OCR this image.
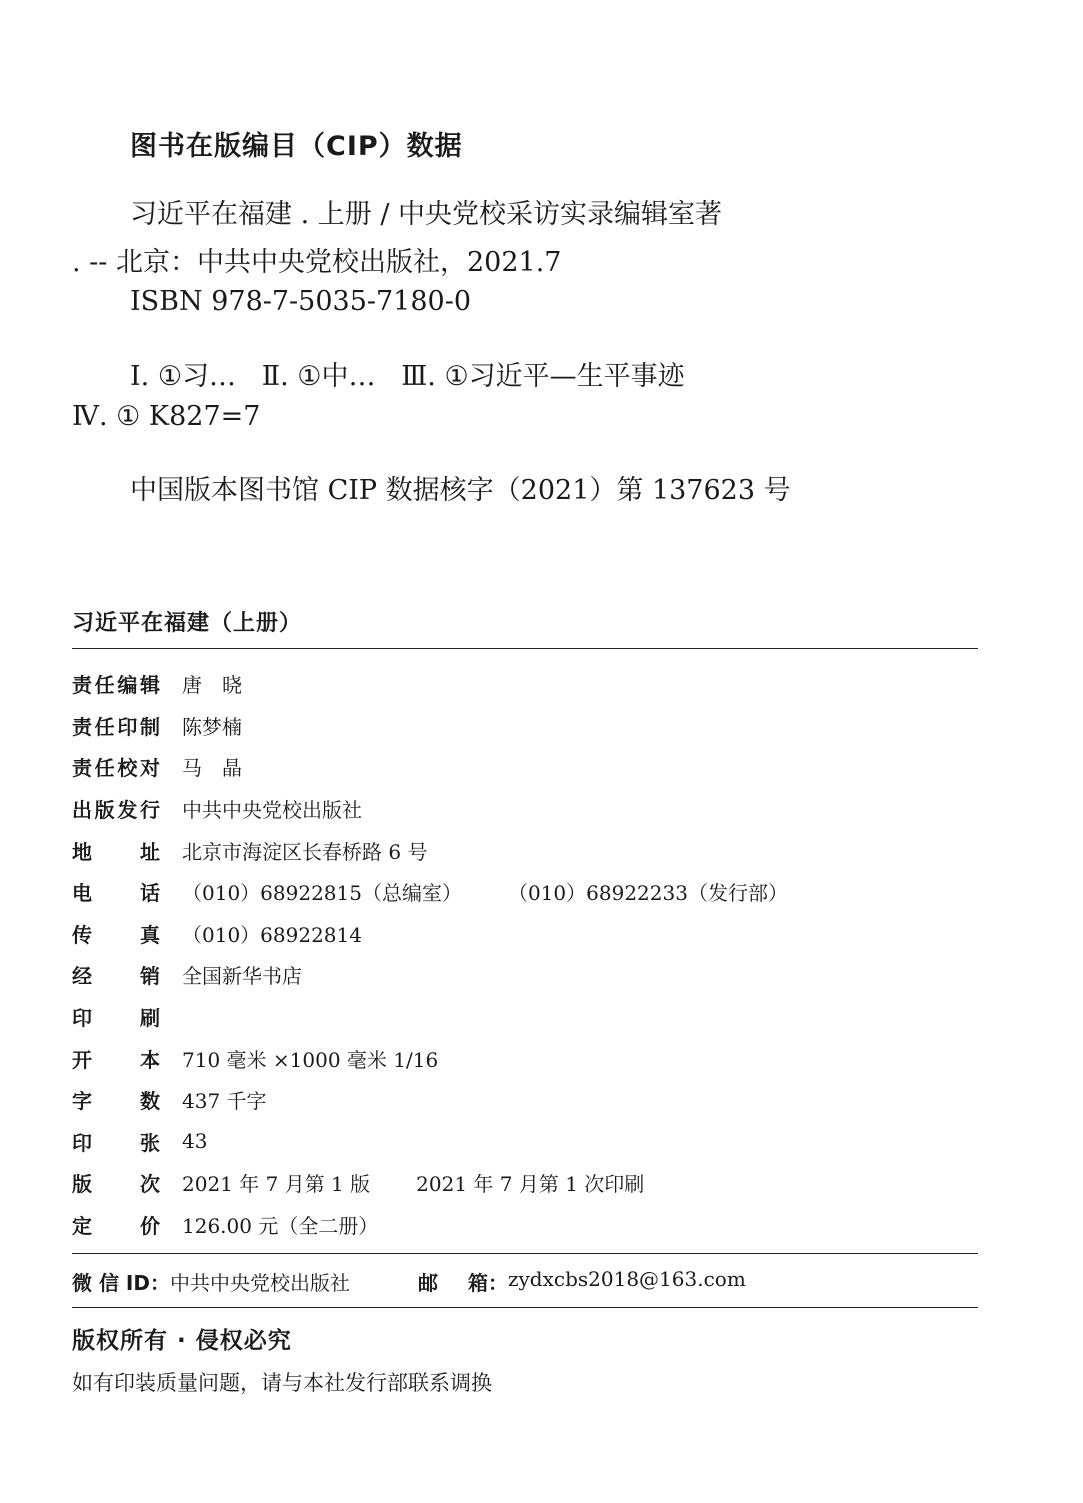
图书在版编目（CIP）数据
习近平在福建 . 上册 / 中央党校采访实录编辑室著
. -- 北京：中共中央党校出版社，2021.7
ISBN 978-7-5035-7180-0
Ⅰ. ①习…   Ⅱ. ①中…   Ⅲ. ①习近平—生平事迹
Ⅳ. ① K827=7
中国版本图书馆 CIP 数据核字（2021）第 137623 号
习近平在福建（上册）
责 任 编 辑 唐　晓
责 任 印 制 陈梦楠
责 任 校 对 马　晶
出 版 发 行 中共中央党校出版社
地 址 北京市海淀区长春桥路 6 号
电 话 （010）68922815（总编室） （010）68922233（发行部）
传 真 （010）68922814
经 销 全国新华书店
印 刷
开 本 710 毫米 ×1000 毫米 1/16
字 数 437 千字
印 张 43
版 次 2021 年 7 月第 1 版 2021 年 7 月第 1 次印刷
定 价 126.00 元（全二册）
微 信 ID： 中共中央党校出版社	邮 箱： zydxcbs2018@163.com
版权所有 · 侵权必究
如有印装质量问题，请与本社发行部联系调换
